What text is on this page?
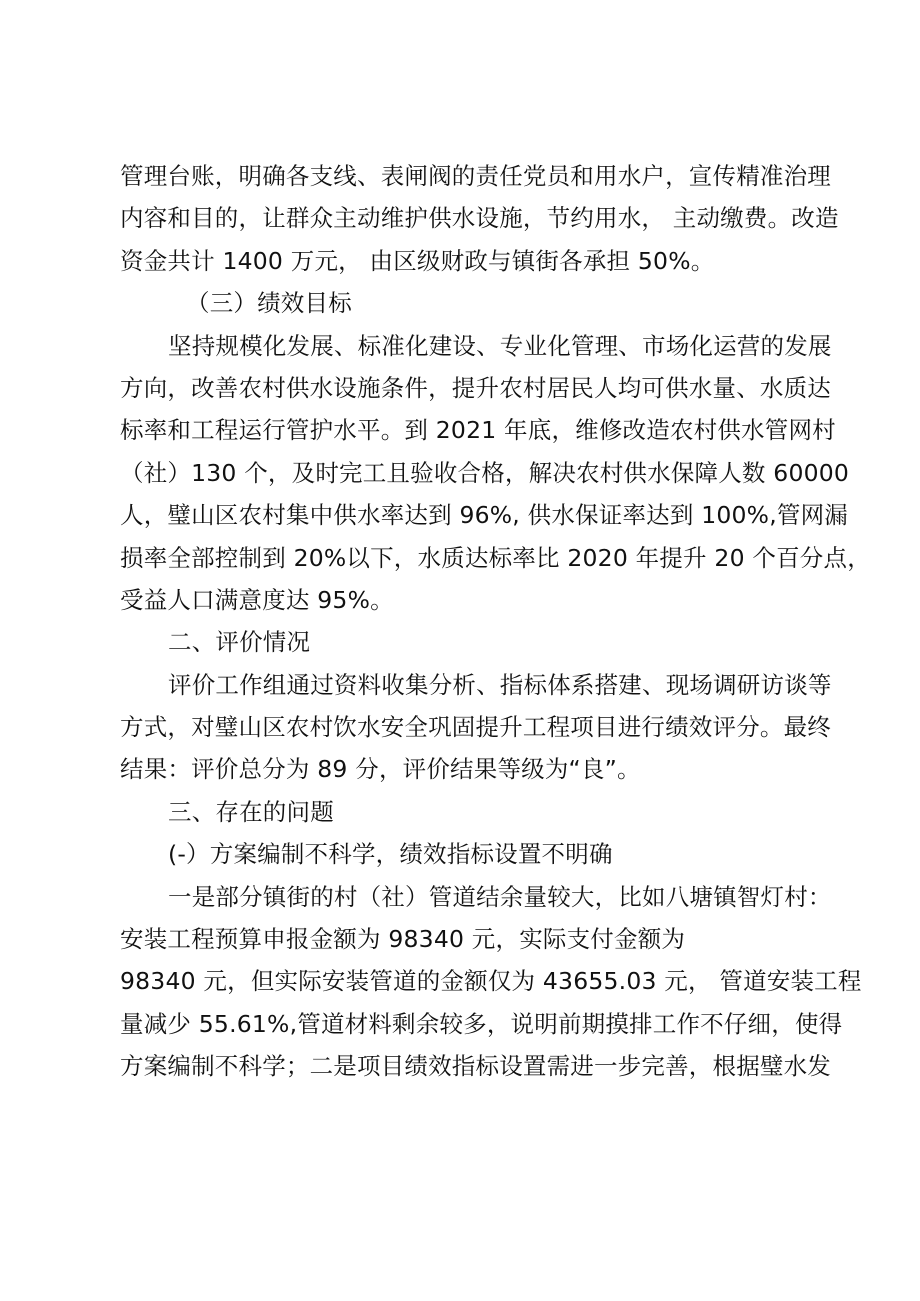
管理台账，明确各支线、表闸阀的责任党员和用水户，宣传精准治理
内容和目的，让群众主动维护供水设施，节约用水， 主动缴费。改造
资金共计 1400 万元， 由区级财政与镇街各承担 50%。
（三）绩效目标
坚持规模化发展、标准化建设、专业化管理、市场化运营的发展
方向，改善农村供水设施条件，提升农村居民人均可供水量、水质达
标率和工程运行管护水平。到 2021 年底，维修改造农村供水管网村
（社）130 个，及时完工且验收合格，解决农村供水保障人数 60000
人，璧山区农村集中供水率达到 96%, 供水保证率达到 100%,管网漏
损率全部控制到 20%以下，水质达标率比 2020 年提升 20 个百分点，
受益人口满意度达 95%。
二、评价情况
评价工作组通过资料收集分析、指标体系搭建、现场调研访谈等
方式，对璧山区农村饮水安全巩固提升工程项目进行绩效评分。最终
结果：评价总分为 89 分，评价结果等级为“良”。
三、存在的问题
(-）方案编制不科学，绩效指标设置不明确
一是部分镇街的村（社）管道结余量较大，比如八塘镇智灯村：
安装工程预算申报金额为 98340 元，实际支付金额为
98340 元，但实际安装管道的金额仅为 43655.03 元， 管道安装工程
量减少 55.61%,管道材料剩余较多，说明前期摸排工作不仔细，使得
方案编制不科学；二是项目绩效指标设置需进一步完善，根据璧水发
